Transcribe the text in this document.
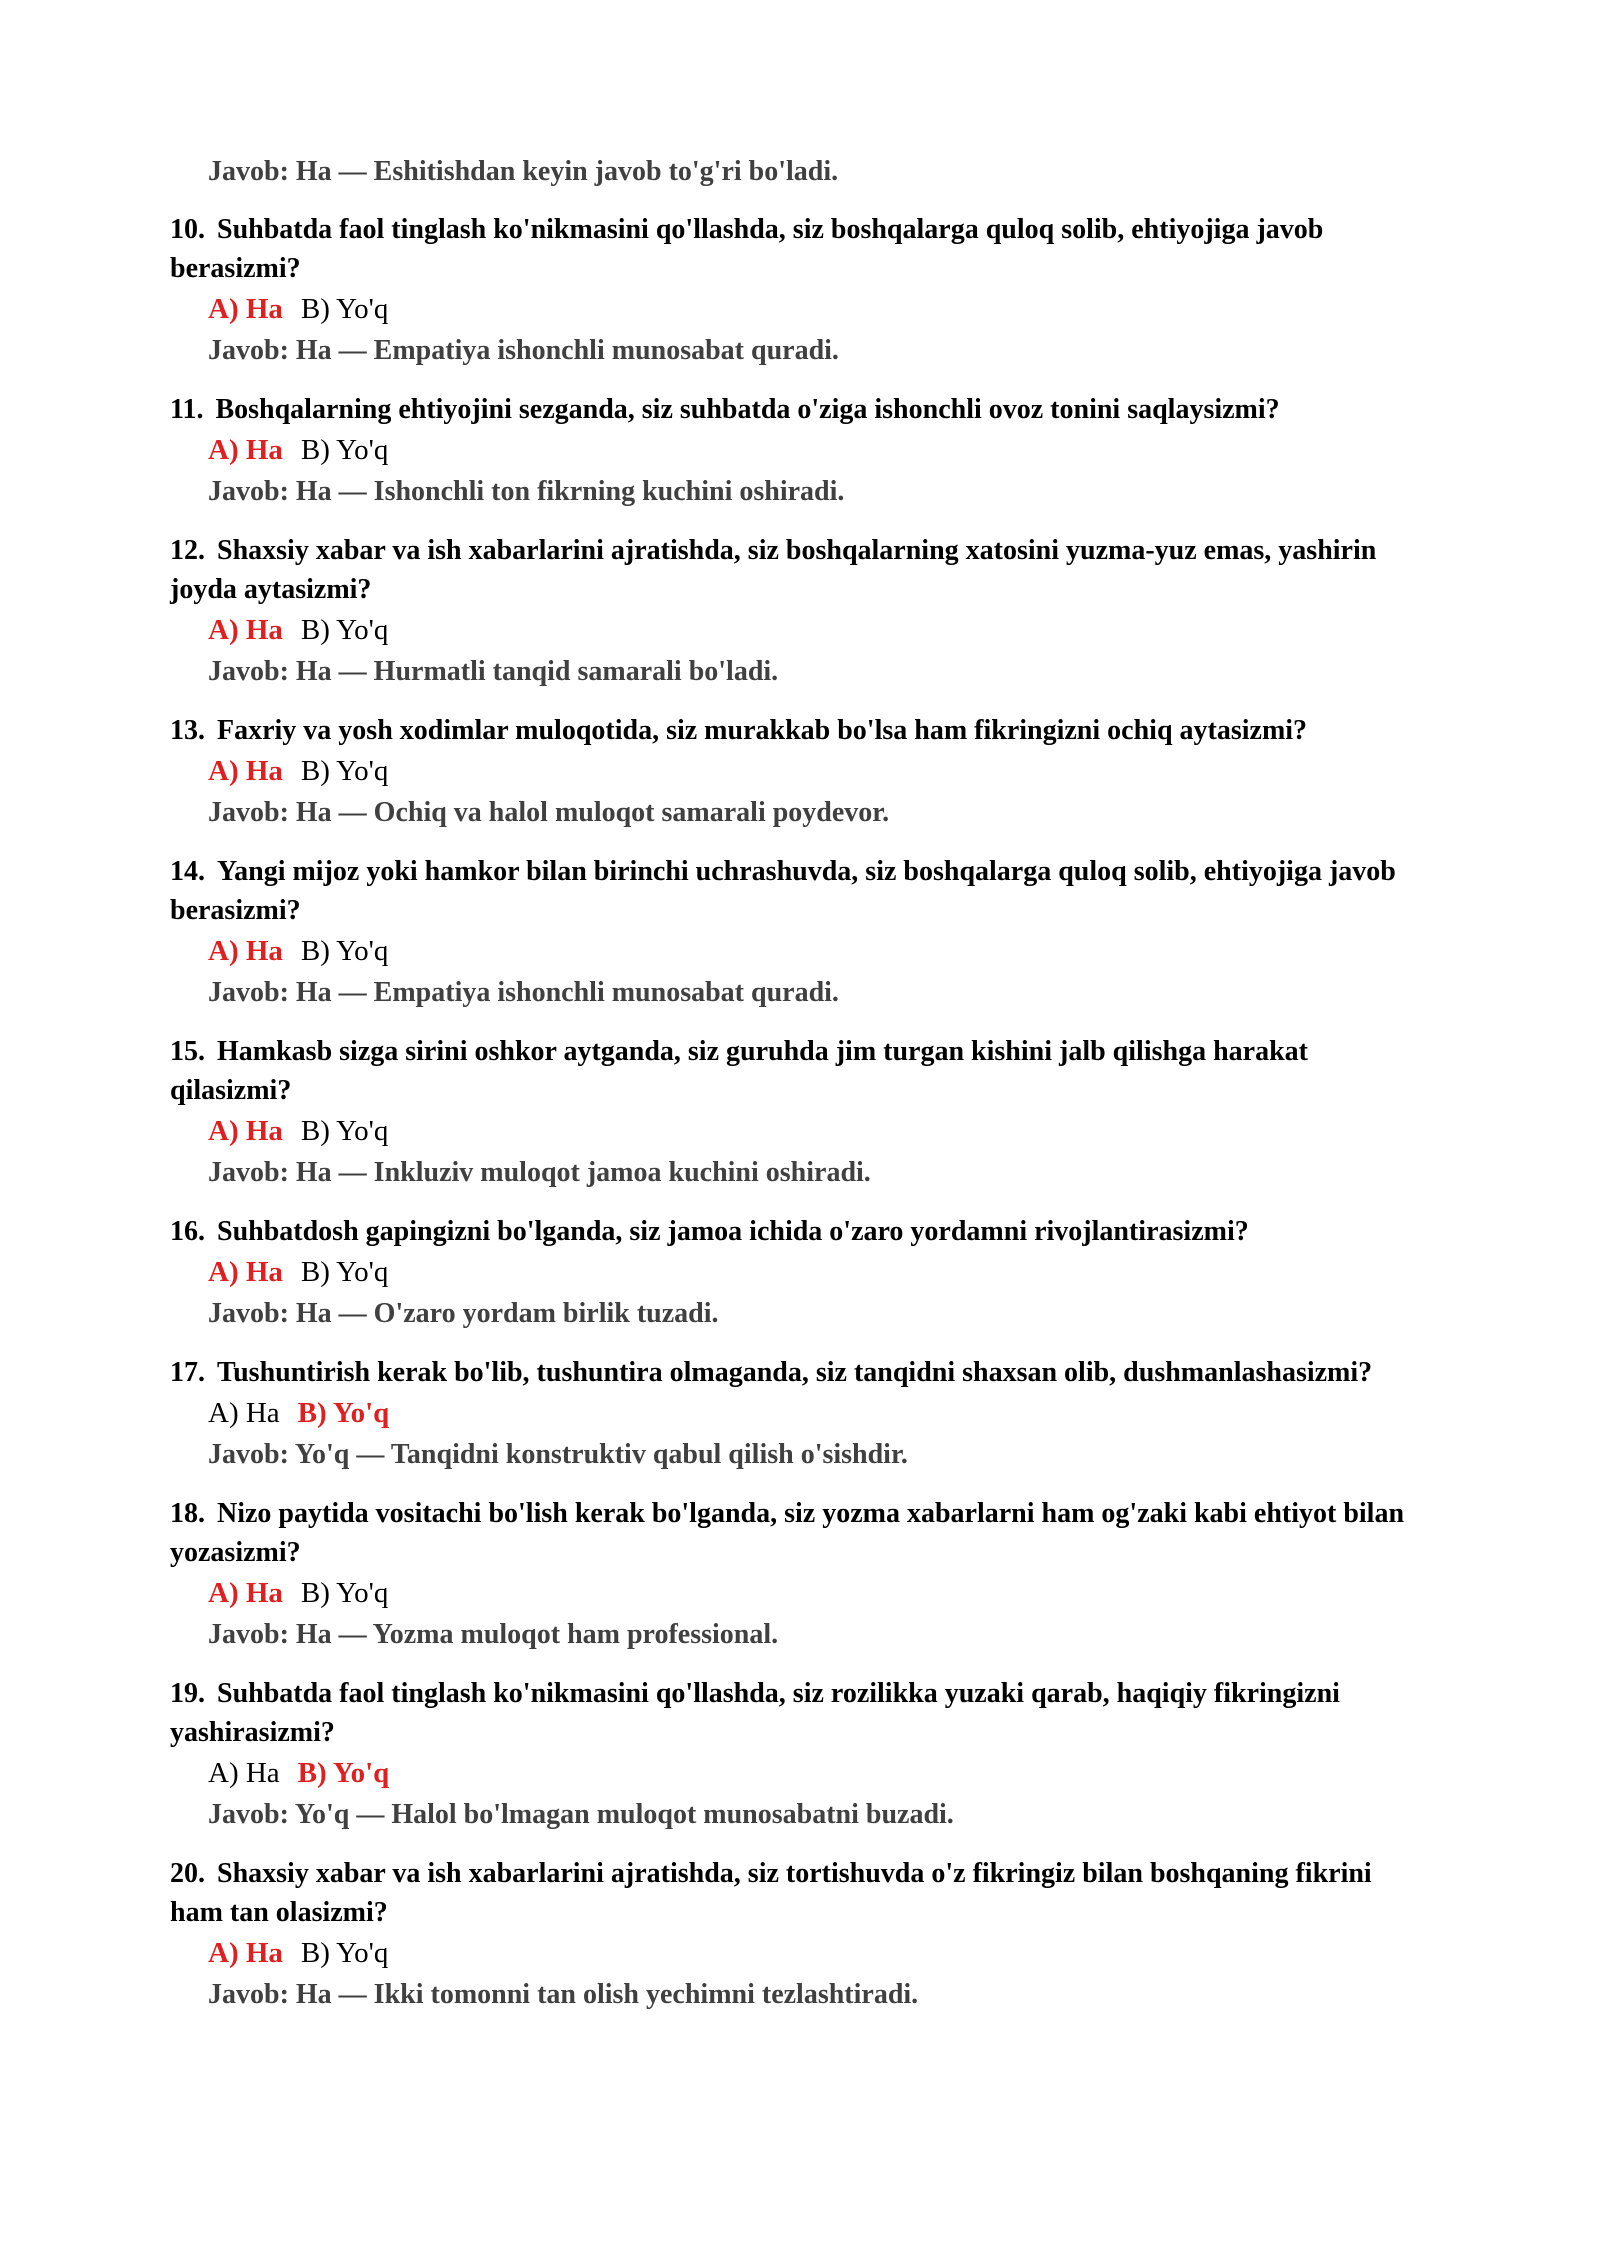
Javob: Ha — Eshitishdan keyin javob to'g'ri bo'ladi.
10. Suhbatda faol tinglash ko'nikmasini qo'llashda, siz boshqalarga quloq solib, ehtiyojiga javob berasizmi?
A) Ha B) Yo'q
Javob: Ha — Empatiya ishonchli munosabat quradi.
11. Boshqalarning ehtiyojini sezganda, siz suhbatda o'ziga ishonchli ovoz tonini saqlaysizmi?
A) Ha B) Yo'q
Javob: Ha — Ishonchli ton fikrning kuchini oshiradi.
12. Shaxsiy xabar va ish xabarlarini ajratishda, siz boshqalarning xatosini yuzma-yuz emas, yashirin joyda aytasizmi?
A) Ha B) Yo'q
Javob: Ha — Hurmatli tanqid samarali bo'ladi.
13. Faxriy va yosh xodimlar muloqotida, siz murakkab bo'lsa ham fikringizni ochiq aytasizmi?
A) Ha B) Yo'q
Javob: Ha — Ochiq va halol muloqot samarali poydevor.
14. Yangi mijoz yoki hamkor bilan birinchi uchrashuvda, siz boshqalarga quloq solib, ehtiyojiga javob berasizmi?
A) Ha B) Yo'q
Javob: Ha — Empatiya ishonchli munosabat quradi.
15. Hamkasb sizga sirini oshkor aytganda, siz guruhda jim turgan kishini jalb qilishga harakat qilasizmi?
A) Ha B) Yo'q
Javob: Ha — Inkluziv muloqot jamoa kuchini oshiradi.
16. Suhbatdosh gapingizni bo'lganda, siz jamoa ichida o'zaro yordamni rivojlantirasizmi?
A) Ha B) Yo'q
Javob: Ha — O'zaro yordam birlik tuzadi.
17. Tushuntirish kerak bo'lib, tushuntira olmaganda, siz tanqidni shaxsan olib, dushmanlashasizmi?
A) Ha B) Yo'q
Javob: Yo'q — Tanqidni konstruktiv qabul qilish o'sishdir.
18. Nizo paytida vositachi bo'lish kerak bo'lganda, siz yozma xabarlarni ham og'zaki kabi ehtiyot bilan yozasizmi?
A) Ha B) Yo'q
Javob: Ha — Yozma muloqot ham professional.
19. Suhbatda faol tinglash ko'nikmasini qo'llashda, siz rozilikka yuzaki qarab, haqiqiy fikringizni yashirasizmi?
A) Ha B) Yo'q
Javob: Yo'q — Halol bo'lmagan muloqot munosabatni buzadi.
20. Shaxsiy xabar va ish xabarlarini ajratishda, siz tortishuvda o'z fikringiz bilan boshqaning fikrini ham tan olasizmi?
A) Ha B) Yo'q
Javob: Ha — Ikki tomonni tan olish yechimni tezlashtiradi.
